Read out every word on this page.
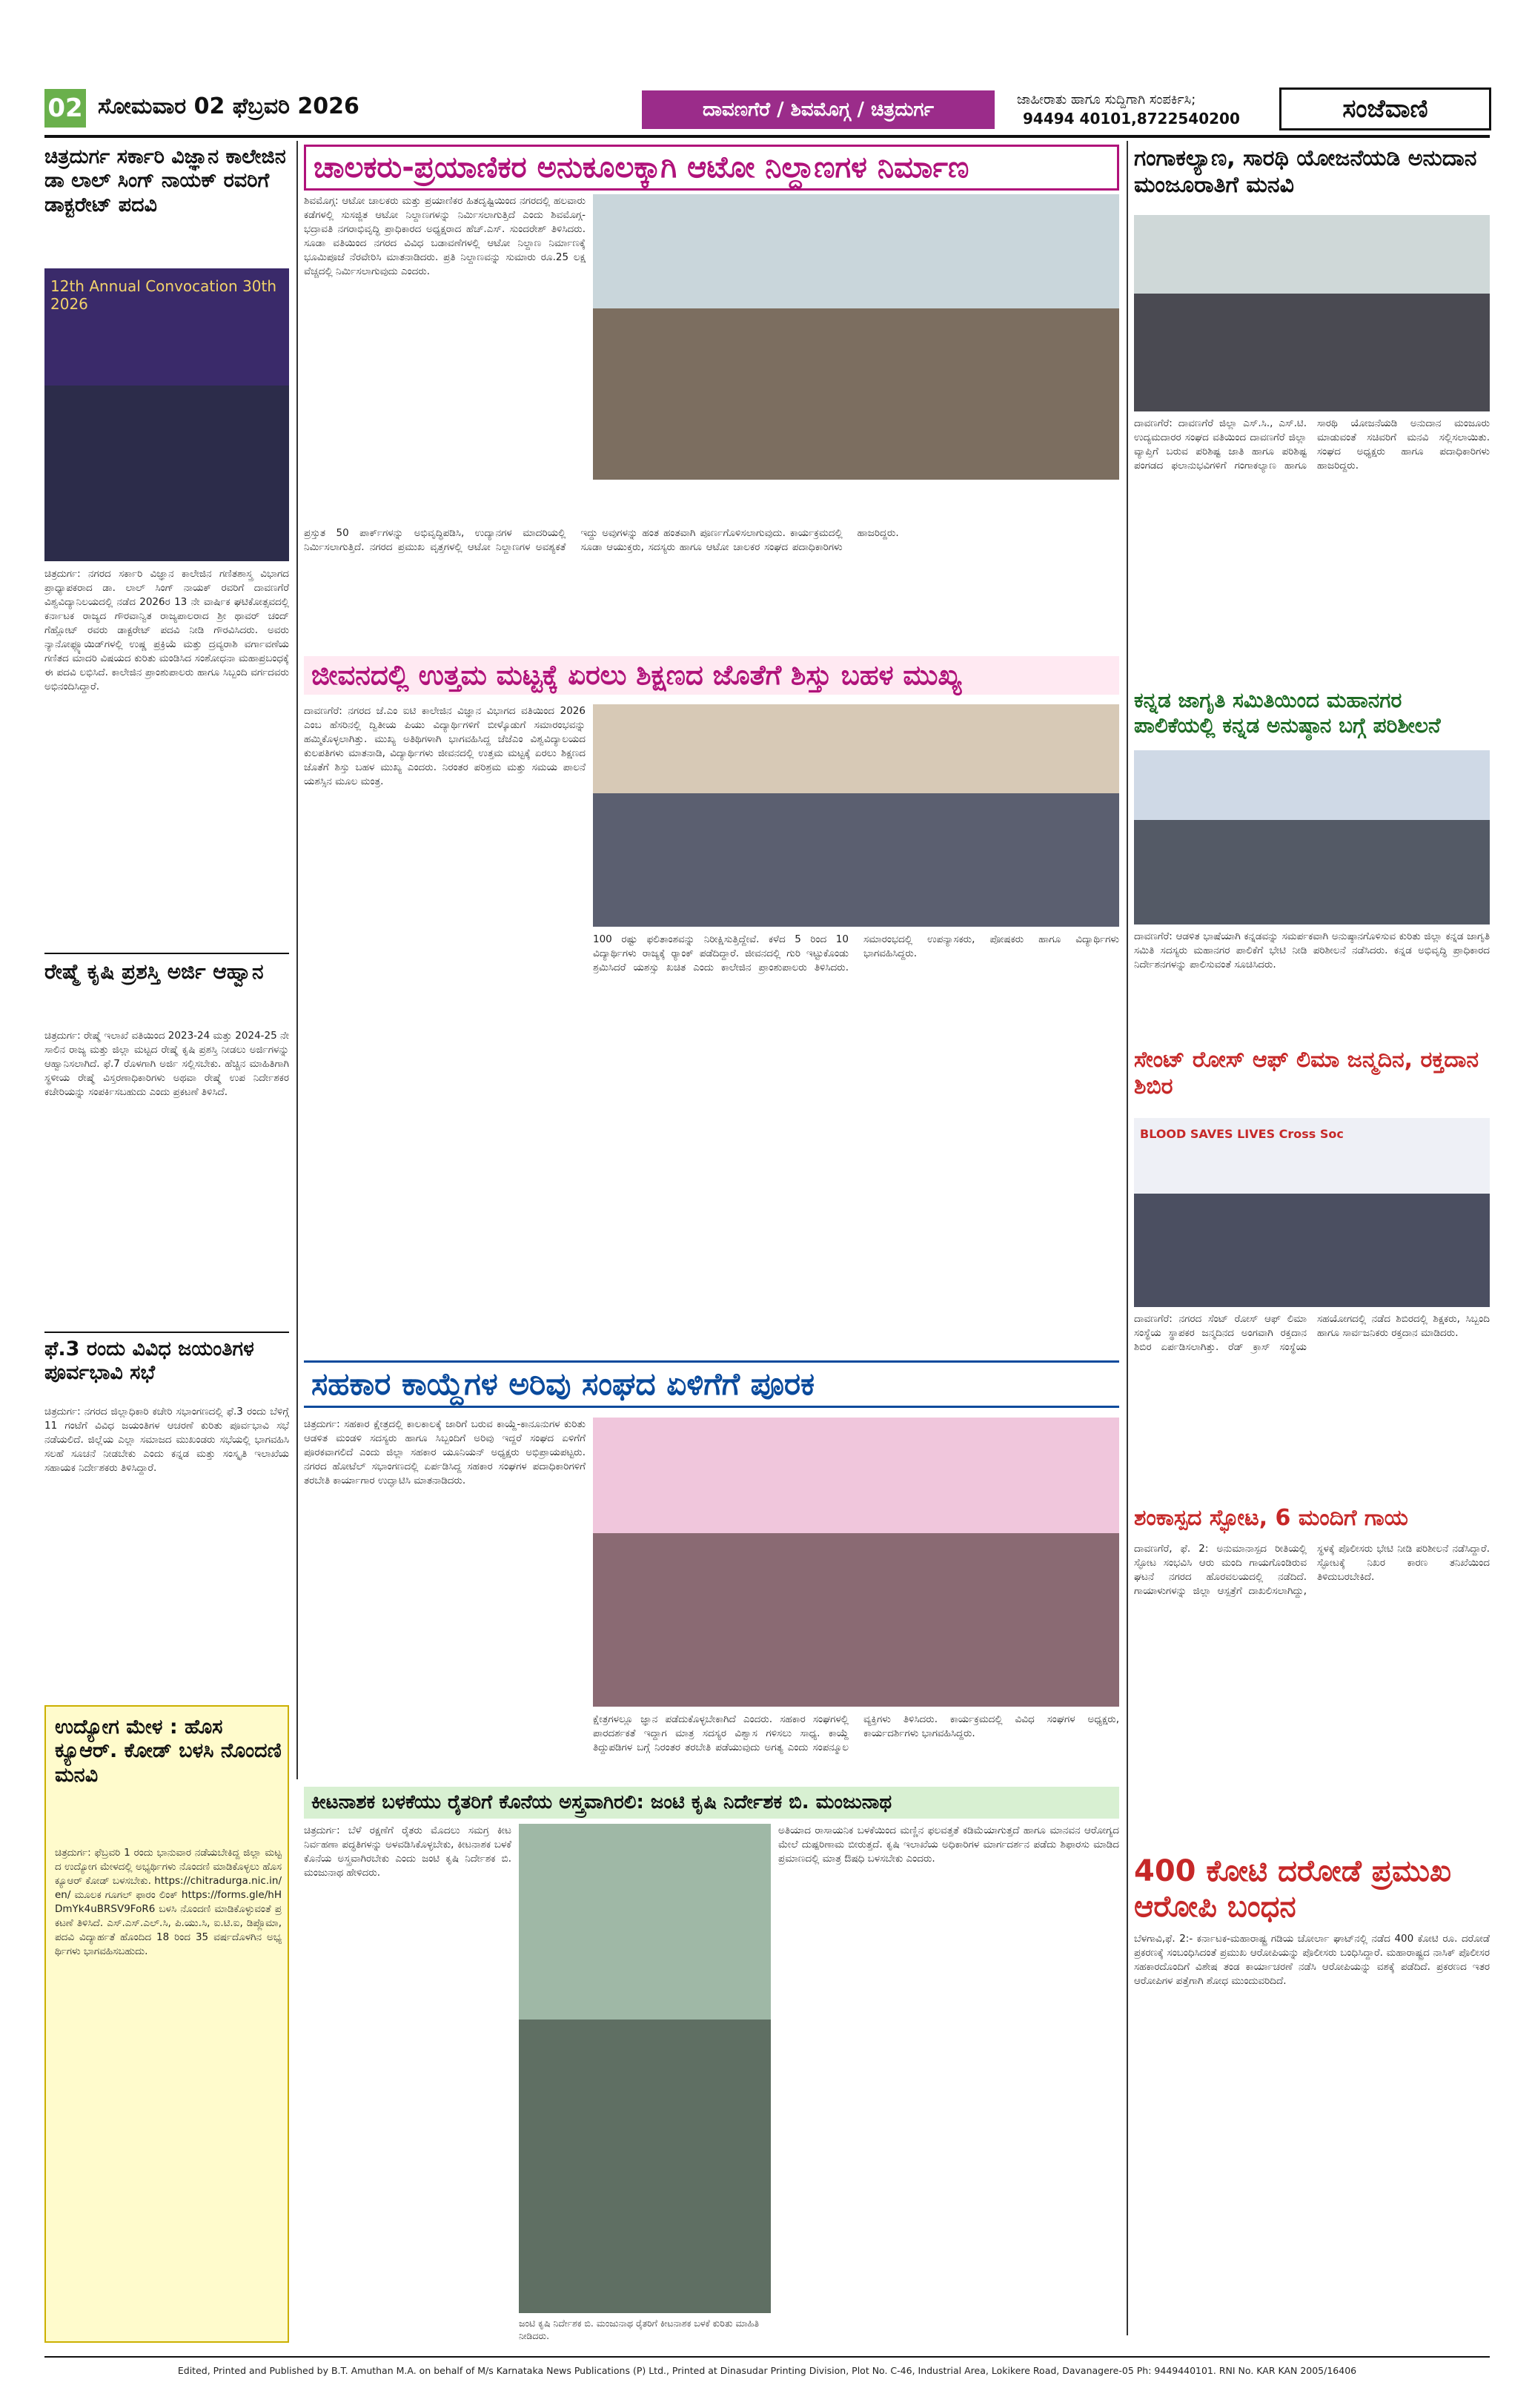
02 ಸೋಮವಾರ 02 ಫೆಬ್ರವರಿ 2026	ದಾವಣಗೆರೆ / ಶಿವಮೊಗ್ಗ / ಚಿತ್ರದುರ್ಗ	ಜಾಹೀರಾತು ಹಾಗೂ ಸುದ್ದಿಗಾಗಿ ಸಂಪರ್ಕಿಸಿ;
94494 40101,8722540200	ಸಂಜೆವಾಣಿ
ಚಿತ್ರದುರ್ಗ ಸರ್ಕಾರಿ ವಿಜ್ಞಾನ ಕಾಲೇಜಿನ ಡಾ ಲಾಲ್ ಸಿಂಗ್ ನಾಯಕ್ ರವರಿಗೆ ಡಾಕ್ಟರೇಟ್ ಪದವಿ
12th Annual Convocation 30th 2026
ಚಿತ್ರದುರ್ಗ: ನಗರದ ಸರ್ಕಾರಿ ವಿಜ್ಞಾನ ಕಾಲೇಜಿನ ಗಣಿತಶಾಸ್ತ್ರ ವಿಭಾಗದ ಪ್ರಾಧ್ಯಾಪಕರಾದ ಡಾ. ಲಾಲ್ ಸಿಂಗ್ ನಾಯಕ್ ರವರಿಗೆ ದಾವಣಗೆರೆ ವಿಶ್ವವಿದ್ಯಾನಿಲಯದಲ್ಲಿ ನಡೆದ 2026ರ 13 ನೇ ವಾರ್ಷಿಕ ಘಟಿಕೋತ್ಸವದಲ್ಲಿ ಕರ್ನಾಟಕ ರಾಜ್ಯದ ಗೌರವಾನ್ವಿತ ರಾಜ್ಯಪಾಲರಾದ ಶ್ರೀ ಥಾವರ್ ಚಂದ್ ಗೆಹ್ಲೋಟ್ ರವರು ಡಾಕ್ಟರೇಟ್ ಪದವಿ ನೀಡಿ ಗೌರವಿಸಿದರು. ಅವರು ನ್ಯಾನೋಫ್ಲ್ಯೂಯಿಡ್‌ಗಳಲ್ಲಿ ಉಷ್ಣ ಪ್ರಕ್ರಿಯೆ ಮತ್ತು ದ್ರವ್ಯರಾಶಿ ವರ್ಗಾವಣೆಯ ಗಣಿತದ ಮಾದರಿ ವಿಷಯದ ಕುರಿತು ಮಂಡಿಸಿದ ಸಂಶೋಧನಾ ಮಹಾಪ್ರಬಂಧಕ್ಕೆ ಈ ಪದವಿ ಲಭಿಸಿದೆ. ಕಾಲೇಜಿನ ಪ್ರಾಂಶುಪಾಲರು ಹಾಗೂ ಸಿಬ್ಬಂದಿ ವರ್ಗದವರು ಅಭಿನಂದಿಸಿದ್ದಾರೆ.
ರೇಷ್ಮೆ ಕೃಷಿ ಪ್ರಶಸ್ತಿ ಅರ್ಜಿ ಆಹ್ವಾನ
ಚಿತ್ರದುರ್ಗ: ರೇಷ್ಮೆ ಇಲಾಖೆ ವತಿಯಿಂದ 2023-24 ಮತ್ತು 2024-25 ನೇ ಸಾಲಿನ ರಾಜ್ಯ ಮತ್ತು ಜಿಲ್ಲಾ ಮಟ್ಟದ ರೇಷ್ಮೆ ಕೃಷಿ ಪ್ರಶಸ್ತಿ ನೀಡಲು ಅರ್ಜಿಗಳನ್ನು ಆಹ್ವಾನಿಸಲಾಗಿದೆ. ಫೆ.7 ರೊಳಗಾಗಿ ಅರ್ಜಿ ಸಲ್ಲಿಸಬೇಕು. ಹೆಚ್ಚಿನ ಮಾಹಿತಿಗಾಗಿ ಸ್ಥಳೀಯ ರೇಷ್ಮೆ ವಿಸ್ತರಣಾಧಿಕಾರಿಗಳು ಅಥವಾ ರೇಷ್ಮೆ ಉಪ ನಿರ್ದೇಶಕರ ಕಚೇರಿಯನ್ನು ಸಂಪರ್ಕಿಸಬಹುದು ಎಂದು ಪ್ರಕಟಣೆ ತಿಳಿಸಿದೆ.
ಫೆ.3 ರಂದು ವಿವಿಧ ಜಯಂತಿಗಳ ಪೂರ್ವಭಾವಿ ಸಭೆ
ಚಿತ್ರದುರ್ಗ: ನಗರದ ಜಿಲ್ಲಾಧಿಕಾರಿ ಕಚೇರಿ ಸಭಾಂಗಣದಲ್ಲಿ ಫೆ.3 ರಂದು ಬೆಳಿಗ್ಗೆ 11 ಗಂಟೆಗೆ ವಿವಿಧ ಜಯಂತಿಗಳ ಆಚರಣೆ ಕುರಿತು ಪೂರ್ವಭಾವಿ ಸಭೆ ನಡೆಯಲಿದೆ. ಜಿಲ್ಲೆಯ ಎಲ್ಲಾ ಸಮಾಜದ ಮುಖಂಡರು ಸಭೆಯಲ್ಲಿ ಭಾಗವಹಿಸಿ ಸಲಹೆ ಸೂಚನೆ ನೀಡಬೇಕು ಎಂದು ಕನ್ನಡ ಮತ್ತು ಸಂಸ್ಕೃತಿ ಇಲಾಖೆಯ ಸಹಾಯಕ ನಿರ್ದೇಶಕರು ತಿಳಿಸಿದ್ದಾರೆ.
ಉದ್ಯೋಗ ಮೇಳ : ಹೊಸ ಕ್ಯೂಆರ್. ಕೋಡ್ ಬಳಸಿ ನೊಂದಣಿ ಮನವಿ
ಚಿತ್ರದುರ್ಗ: ಫೆಬ್ರವರಿ 1 ರಂದು ಭಾನುವಾರ ನಡೆಯಬೇಕಿದ್ದ ಜಿಲ್ಲಾ ಮಟ್ಟದ ಉದ್ಯೋಗ ಮೇಳದಲ್ಲಿ ಅಭ್ಯರ್ಥಿಗಳು ನೊಂದಣಿ ಮಾಡಿಕೊಳ್ಳಲು ಹೊಸ ಕ್ಯೂಆರ್ ಕೋಡ್ ಬಳಸಬೇಕು. https://chitradurga.nic.in/en/ ಮೂಲಕ ಗೂಗಲ್ ಫಾರಂ ಲಿಂಕ್ https://forms.gle/hHDmYk4uBRSV9FoR6 ಬಳಸಿ ನೊಂದಣಿ ಮಾಡಿಕೊಳ್ಳುವಂತೆ ಪ್ರಕಟಣೆ ತಿಳಿಸಿದೆ. ಎಸ್.ಎಸ್.ಎಲ್.ಸಿ, ಪಿ.ಯು.ಸಿ, ಐ.ಟಿ.ಐ, ಡಿಪ್ಲೊಮಾ, ಪದವಿ ವಿದ್ಯಾರ್ಹತೆ ಹೊಂದಿದ 18 ರಿಂದ 35 ವರ್ಷದೊಳಗಿನ ಅಭ್ಯರ್ಥಿಗಳು ಭಾಗವಹಿಸಬಹುದು.
ಚಾಲಕರು-ಪ್ರಯಾಣಿಕರ ಅನುಕೂಲಕ್ಕಾಗಿ ಆಟೋ ನಿಲ್ದಾಣಗಳ ನಿರ್ಮಾಣ
ಶಿವಮೊಗ್ಗ: ಆಟೋ ಚಾಲಕರು ಮತ್ತು ಪ್ರಯಾಣಿಕರ ಹಿತದೃಷ್ಟಿಯಿಂದ ನಗರದಲ್ಲಿ ಹಲವಾರು ಕಡೆಗಳಲ್ಲಿ ಸುಸಜ್ಜಿತ ಆಟೋ ನಿಲ್ದಾಣಗಳನ್ನು ನಿರ್ಮಿಸಲಾಗುತ್ತಿದೆ ಎಂದು ಶಿವಮೊಗ್ಗ-ಭದ್ರಾವತಿ ನಗರಾಭಿವೃದ್ಧಿ ಪ್ರಾಧಿಕಾರದ ಅಧ್ಯಕ್ಷರಾದ ಹೆಚ್.ಎಸ್. ಸುಂದರೇಶ್ ತಿಳಿಸಿದರು. ಸೂಡಾ ವತಿಯಿಂದ ನಗರದ ವಿವಿಧ ಬಡಾವಣೆಗಳಲ್ಲಿ ಆಟೋ ನಿಲ್ದಾಣ ನಿರ್ಮಾಣಕ್ಕೆ ಭೂಮಿಪೂಜೆ ನೆರವೇರಿಸಿ ಮಾತನಾಡಿದರು. ಪ್ರತಿ ನಿಲ್ದಾಣವನ್ನು ಸುಮಾರು ರೂ.25 ಲಕ್ಷ ವೆಚ್ಚದಲ್ಲಿ ನಿರ್ಮಿಸಲಾಗುವುದು ಎಂದರು.
ಪ್ರಸ್ತುತ 50 ಪಾರ್ಕ್‌ಗಳನ್ನು ಅಭಿವೃದ್ಧಿಪಡಿಸಿ, ಉದ್ಯಾನಗಳ ಮಾದರಿಯಲ್ಲಿ ನಿರ್ಮಿಸಲಾಗುತ್ತಿದೆ. ನಗರದ ಪ್ರಮುಖ ವೃತ್ತಗಳಲ್ಲಿ ಆಟೋ ನಿಲ್ದಾಣಗಳ ಅವಶ್ಯಕತೆ ಇದ್ದು ಅವುಗಳನ್ನು ಹಂತ ಹಂತವಾಗಿ ಪೂರ್ಣಗೊಳಿಸಲಾಗುವುದು. ಕಾರ್ಯಕ್ರಮದಲ್ಲಿ ಸೂಡಾ ಆಯುಕ್ತರು, ಸದಸ್ಯರು ಹಾಗೂ ಆಟೋ ಚಾಲಕರ ಸಂಘದ ಪದಾಧಿಕಾರಿಗಳು ಹಾಜರಿದ್ದರು.
ಜೀವನದಲ್ಲಿ ಉತ್ತಮ ಮಟ್ಟಕ್ಕೆ ಏರಲು ಶಿಕ್ಷಣದ ಜೊತೆಗೆ ಶಿಸ್ತು ಬಹಳ ಮುಖ್ಯ
ದಾವಣಗೆರೆ: ನಗರದ ಜೆ.ಎಂ ಐಟಿ ಕಾಲೇಜಿನ ವಿಜ್ಞಾನ ವಿಭಾಗದ ವತಿಯಿಂದ 2026 ಎಂಬ ಹೆಸರಿನಲ್ಲಿ ದ್ವಿತೀಯ ಪಿಯು ವಿದ್ಯಾರ್ಥಿಗಳಿಗೆ ಬೀಳ್ಕೊಡುಗೆ ಸಮಾರಂಭವನ್ನು ಹಮ್ಮಿಕೊಳ್ಳಲಾಗಿತ್ತು. ಮುಖ್ಯ ಅತಿಥಿಗಳಾಗಿ ಭಾಗವಹಿಸಿದ್ದ ಜೆಜೆಎಂ ವಿಶ್ವವಿದ್ಯಾಲಯದ ಕುಲಪತಿಗಳು ಮಾತನಾಡಿ, ವಿದ್ಯಾರ್ಥಿಗಳು ಜೀವನದಲ್ಲಿ ಉತ್ತಮ ಮಟ್ಟಕ್ಕೆ ಏರಲು ಶಿಕ್ಷಣದ ಜೊತೆಗೆ ಶಿಸ್ತು ಬಹಳ ಮುಖ್ಯ ಎಂದರು. ನಿರಂತರ ಪರಿಶ್ರಮ ಮತ್ತು ಸಮಯ ಪಾಲನೆ ಯಶಸ್ಸಿನ ಮೂಲ ಮಂತ್ರ.
100 ರಷ್ಟು ಫಲಿತಾಂಶವನ್ನು ನಿರೀಕ್ಷಿಸುತ್ತಿದ್ದೇವೆ. ಕಳೆದ 5 ರಿಂದ 10 ವಿದ್ಯಾರ್ಥಿಗಳು ರಾಜ್ಯಕ್ಕೆ ರ್‍ಯಾಂಕ್ ಪಡೆದಿದ್ದಾರೆ. ಜೀವನದಲ್ಲಿ ಗುರಿ ಇಟ್ಟುಕೊಂಡು ಶ್ರಮಿಸಿದರೆ ಯಶಸ್ಸು ಖಚಿತ ಎಂದು ಕಾಲೇಜಿನ ಪ್ರಾಂಶುಪಾಲರು ತಿಳಿಸಿದರು. ಸಮಾರಂಭದಲ್ಲಿ ಉಪನ್ಯಾಸಕರು, ಪೋಷಕರು ಹಾಗೂ ವಿದ್ಯಾರ್ಥಿಗಳು ಭಾಗವಹಿಸಿದ್ದರು.
ಸಹಕಾರ ಕಾಯ್ದೆಗಳ ಅರಿವು ಸಂಘದ ಏಳಿಗೆಗೆ ಪೂರಕ
ಚಿತ್ರದುರ್ಗ: ಸಹಕಾರ ಕ್ಷೇತ್ರದಲ್ಲಿ ಕಾಲಕಾಲಕ್ಕೆ ಜಾರಿಗೆ ಬರುವ ಕಾಯ್ದೆ-ಕಾನೂನುಗಳ ಕುರಿತು ಆಡಳಿತ ಮಂಡಳಿ ಸದಸ್ಯರು ಹಾಗೂ ಸಿಬ್ಬಂದಿಗೆ ಅರಿವು ಇದ್ದರೆ ಸಂಘದ ಏಳಿಗೆಗೆ ಪೂರಕವಾಗಲಿದೆ ಎಂದು ಜಿಲ್ಲಾ ಸಹಕಾರ ಯೂನಿಯನ್ ಅಧ್ಯಕ್ಷರು ಅಭಿಪ್ರಾಯಪಟ್ಟರು. ನಗರದ ಹೋಟೆಲ್ ಸಭಾಂಗಣದಲ್ಲಿ ಏರ್ಪಡಿಸಿದ್ದ ಸಹಕಾರ ಸಂಘಗಳ ಪದಾಧಿಕಾರಿಗಳಿಗೆ ತರಬೇತಿ ಕಾರ್ಯಾಗಾರ ಉದ್ಘಾಟಿಸಿ ಮಾತನಾಡಿದರು.
ಕ್ಷೇತ್ರಗಳಲ್ಲೂ ಜ್ಞಾನ ಪಡೆದುಕೊಳ್ಳಬೇಕಾಗಿದೆ ಎಂದರು. ಸಹಕಾರ ಸಂಘಗಳಲ್ಲಿ ಪಾರದರ್ಶಕತೆ ಇದ್ದಾಗ ಮಾತ್ರ ಸದಸ್ಯರ ವಿಶ್ವಾಸ ಗಳಿಸಲು ಸಾಧ್ಯ. ಕಾಯ್ದೆ ತಿದ್ದುಪಡಿಗಳ ಬಗ್ಗೆ ನಿರಂತರ ತರಬೇತಿ ಪಡೆಯುವುದು ಅಗತ್ಯ ಎಂದು ಸಂಪನ್ಮೂಲ ವ್ಯಕ್ತಿಗಳು ತಿಳಿಸಿದರು. ಕಾರ್ಯಕ್ರಮದಲ್ಲಿ ವಿವಿಧ ಸಂಘಗಳ ಅಧ್ಯಕ್ಷರು, ಕಾರ್ಯದರ್ಶಿಗಳು ಭಾಗವಹಿಸಿದ್ದರು.
ಕೀಟನಾಶಕ ಬಳಕೆಯು ರೈತರಿಗೆ ಕೊನೆಯ ಅಸ್ತ್ರವಾಗಿರಲಿ: ಜಂಟಿ ಕೃಷಿ ನಿರ್ದೇಶಕ ಬಿ. ಮಂಜುನಾಥ
ಜಂಟಿ ಕೃಷಿ ನಿರ್ದೇಶಕ ಬಿ. ಮಂಜುನಾಥ ರೈತರಿಗೆ ಕೀಟನಾಶಕ ಬಳಕೆ ಕುರಿತು ಮಾಹಿತಿ ನೀಡಿದರು.
ಚಿತ್ರದುರ್ಗ: ಬೆಳೆ ರಕ್ಷಣೆಗೆ ರೈತರು ಮೊದಲು ಸಮಗ್ರ ಕೀಟ ನಿರ್ವಹಣಾ ಪದ್ಧತಿಗಳನ್ನು ಅಳವಡಿಸಿಕೊಳ್ಳಬೇಕು, ಕೀಟನಾಶಕ ಬಳಕೆ ಕೊನೆಯ ಅಸ್ತ್ರವಾಗಿರಬೇಕು ಎಂದು ಜಂಟಿ ಕೃಷಿ ನಿರ್ದೇಶಕ ಬಿ. ಮಂಜುನಾಥ ಹೇಳಿದರು.
ಅತಿಯಾದ ರಾಸಾಯನಿಕ ಬಳಕೆಯಿಂದ ಮಣ್ಣಿನ ಫಲವತ್ತತೆ ಕಡಿಮೆಯಾಗುತ್ತದೆ ಹಾಗೂ ಮಾನವನ ಆರೋಗ್ಯದ ಮೇಲೆ ದುಷ್ಪರಿಣಾಮ ಬೀರುತ್ತದೆ. ಕೃಷಿ ಇಲಾಖೆಯ ಅಧಿಕಾರಿಗಳ ಮಾರ್ಗದರ್ಶನ ಪಡೆದು ಶಿಫಾರಸು ಮಾಡಿದ ಪ್ರಮಾಣದಲ್ಲಿ ಮಾತ್ರ ಔಷಧಿ ಬಳಸಬೇಕು ಎಂದರು.
ಗಂಗಾಕಲ್ಯಾಣ, ಸಾರಥಿ ಯೋಜನೆಯಡಿ ಅನುದಾನ ಮಂಜೂರಾತಿಗೆ ಮನವಿ
ದಾವಣಗೆರೆ: ದಾವಣಗೆರೆ ಜಿಲ್ಲಾ ಎಸ್.ಸಿ., ಎಸ್.ಟಿ. ಉದ್ಯಮದಾರರ ಸಂಘದ ವತಿಯಿಂದ ದಾವಣಗೆರೆ ಜಿಲ್ಲಾ ವ್ಯಾಪ್ತಿಗೆ ಬರುವ ಪರಿಶಿಷ್ಟ ಜಾತಿ ಹಾಗೂ ಪರಿಶಿಷ್ಟ ಪಂಗಡದ ಫಲಾನುಭವಿಗಳಿಗೆ ಗಂಗಾಕಲ್ಯಾಣ ಹಾಗೂ ಸಾರಥಿ ಯೋಜನೆಯಡಿ ಅನುದಾನ ಮಂಜೂರು ಮಾಡುವಂತೆ ಸಚಿವರಿಗೆ ಮನವಿ ಸಲ್ಲಿಸಲಾಯಿತು. ಸಂಘದ ಅಧ್ಯಕ್ಷರು ಹಾಗೂ ಪದಾಧಿಕಾರಿಗಳು ಹಾಜರಿದ್ದರು.
ಕನ್ನಡ ಜಾಗೃತಿ ಸಮಿತಿಯಿಂದ ಮಹಾನಗರ ಪಾಲಿಕೆಯಲ್ಲಿ ಕನ್ನಡ ಅನುಷ್ಠಾನ ಬಗ್ಗೆ ಪರಿಶೀಲನೆ
ದಾವಣಗೆರೆ: ಆಡಳಿತ ಭಾಷೆಯಾಗಿ ಕನ್ನಡವನ್ನು ಸಮರ್ಪಕವಾಗಿ ಅನುಷ್ಠಾನಗೊಳಿಸುವ ಕುರಿತು ಜಿಲ್ಲಾ ಕನ್ನಡ ಜಾಗೃತಿ ಸಮಿತಿ ಸದಸ್ಯರು ಮಹಾನಗರ ಪಾಲಿಕೆಗೆ ಭೇಟಿ ನೀಡಿ ಪರಿಶೀಲನೆ ನಡೆಸಿದರು. ಕನ್ನಡ ಅಭಿವೃದ್ಧಿ ಪ್ರಾಧಿಕಾರದ ನಿರ್ದೇಶನಗಳನ್ನು ಪಾಲಿಸುವಂತೆ ಸೂಚಿಸಿದರು.
ಸೇಂಟ್ ರೋಸ್ ಆಫ್ ಲಿಮಾ ಜನ್ಮದಿನ, ರಕ್ತದಾನ ಶಿಬಿರ
BLOOD SAVES LIVES Cross Soc
ದಾವಣಗೆರೆ: ನಗರದ ಸೆಂಟ್ ರೋಸ್ ಆಫ್ ಲಿಮಾ ಸಂಸ್ಥೆಯ ಸ್ಥಾಪಕರ ಜನ್ಮದಿನದ ಅಂಗವಾಗಿ ರಕ್ತದಾನ ಶಿಬಿರ ಏರ್ಪಡಿಸಲಾಗಿತ್ತು. ರೆಡ್ ಕ್ರಾಸ್ ಸಂಸ್ಥೆಯ ಸಹಯೋಗದಲ್ಲಿ ನಡೆದ ಶಿಬಿರದಲ್ಲಿ ಶಿಕ್ಷಕರು, ಸಿಬ್ಬಂದಿ ಹಾಗೂ ಸಾರ್ವಜನಿಕರು ರಕ್ತದಾನ ಮಾಡಿದರು.
ಶಂಕಾಸ್ಪದ ಸ್ಫೋಟ, 6 ಮಂದಿಗೆ ಗಾಯ
ದಾವಣಗೆರೆ, ಫೆ. 2: ಅನುಮಾನಾಸ್ಪದ ರೀತಿಯಲ್ಲಿ ಸ್ಫೋಟ ಸಂಭವಿಸಿ ಆರು ಮಂದಿ ಗಾಯಗೊಂಡಿರುವ ಘಟನೆ ನಗರದ ಹೊರವಲಯದಲ್ಲಿ ನಡೆದಿದೆ. ಗಾಯಾಳುಗಳನ್ನು ಜಿಲ್ಲಾ ಆಸ್ಪತ್ರೆಗೆ ದಾಖಲಿಸಲಾಗಿದ್ದು, ಸ್ಥಳಕ್ಕೆ ಪೊಲೀಸರು ಭೇಟಿ ನೀಡಿ ಪರಿಶೀಲನೆ ನಡೆಸಿದ್ದಾರೆ. ಸ್ಫೋಟಕ್ಕೆ ನಿಖರ ಕಾರಣ ತನಿಖೆಯಿಂದ ತಿಳಿದುಬರಬೇಕಿದೆ.
400 ಕೋಟಿ ದರೋಡೆ ಪ್ರಮುಖ ಆರೋಪಿ ಬಂಧನ
ಬೆಳಗಾವಿ,ಫೆ. 2:- ಕರ್ನಾಟಕ-ಮಹಾರಾಷ್ಟ್ರ ಗಡಿಯ ಚೋರ್ಲಾ ಘಾಟ್‌ನಲ್ಲಿ ನಡೆದ 400 ಕೋಟಿ ರೂ. ದರೋಡೆ ಪ್ರಕರಣಕ್ಕೆ ಸಂಬಂಧಿಸಿದಂತೆ ಪ್ರಮುಖ ಆರೋಪಿಯನ್ನು ಪೊಲೀಸರು ಬಂಧಿಸಿದ್ದಾರೆ. ಮಹಾರಾಷ್ಟ್ರದ ನಾಸಿಕ್ ಪೊಲೀಸರ ಸಹಕಾರದೊಂದಿಗೆ ವಿಶೇಷ ತಂಡ ಕಾರ್ಯಾಚರಣೆ ನಡೆಸಿ ಆರೋಪಿಯನ್ನು ವಶಕ್ಕೆ ಪಡೆದಿದೆ. ಪ್ರಕರಣದ ಇತರ ಆರೋಪಿಗಳ ಪತ್ತೆಗಾಗಿ ಶೋಧ ಮುಂದುವರಿದಿದೆ.
Edited, Printed and Published by B.T. Amuthan M.A. on behalf of M/s Karnataka News Publications (P) Ltd., Printed at Dinasudar Printing Division, Plot No. C-46, Industrial Area, Lokikere Road, Davanagere-05 Ph: 9449440101. RNI No. KAR KAN 2005/16406
